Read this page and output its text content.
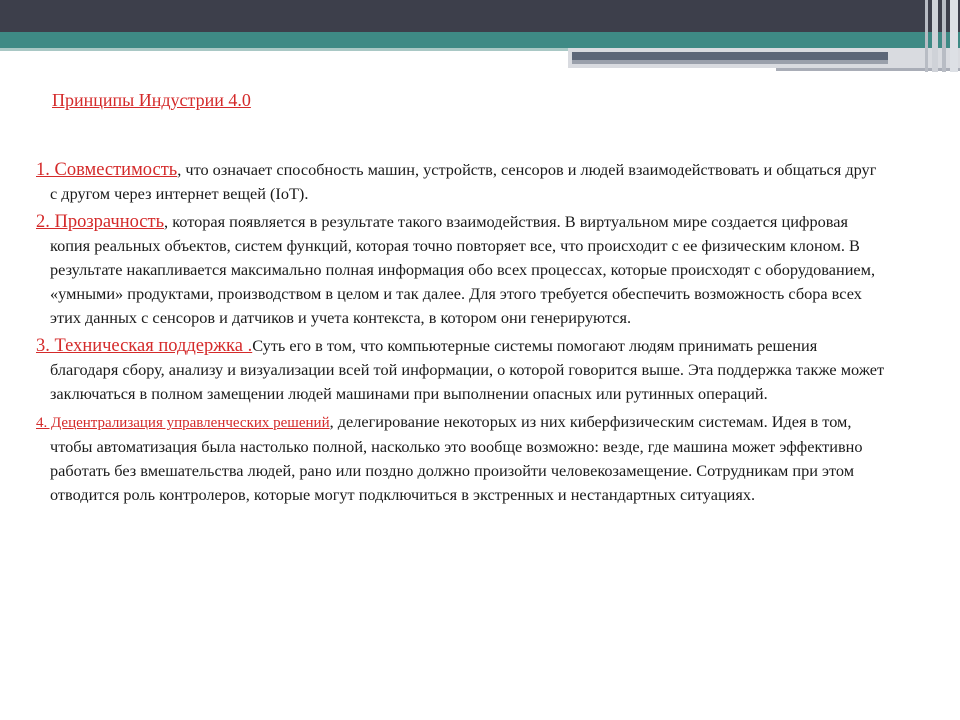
Принципы Индустрии 4.0

1. Совместимость, что означает способность машин, устройств, сенсоров и людей взаимодействовать и общаться друг с другом через интернет вещей (IoT).

2. Прозрачность, которая появляется в результате такого взаимодействия. В виртуальном мире создается цифровая копия реальных объектов, систем функций, которая точно повторяет все, что происходит с ее физическим клоном. В результате накапливается максимально полная информация обо всех процессах, которые происходят с оборудованием, «умными» продуктами, производством в целом и так далее. Для этого требуется обеспечить возможность сбора всех этих данных с сенсоров и датчиков и учета контекста, в котором они генерируются.

3. Техническая поддержка .Суть его в том, что компьютерные системы помогают людям принимать решения благодаря сбору, анализу и визуализации всей той информации, о которой говорится выше. Эта поддержка также может заключаться в полном замещении людей машинами при выполнении опасных или рутинных операций.

4. Децентрализация управленческих решений, делегирование некоторых из них киберфизическим системам. Идея в том, чтобы автоматизация была настолько полной, насколько это вообще возможно: везде, где машина может эффективно работать без вмешательства людей, рано или поздно должно произойти человекозамещение. Сотрудникам при этом отводится роль контролеров, которые могут подключиться в экстренных и нестандартных ситуациях.
